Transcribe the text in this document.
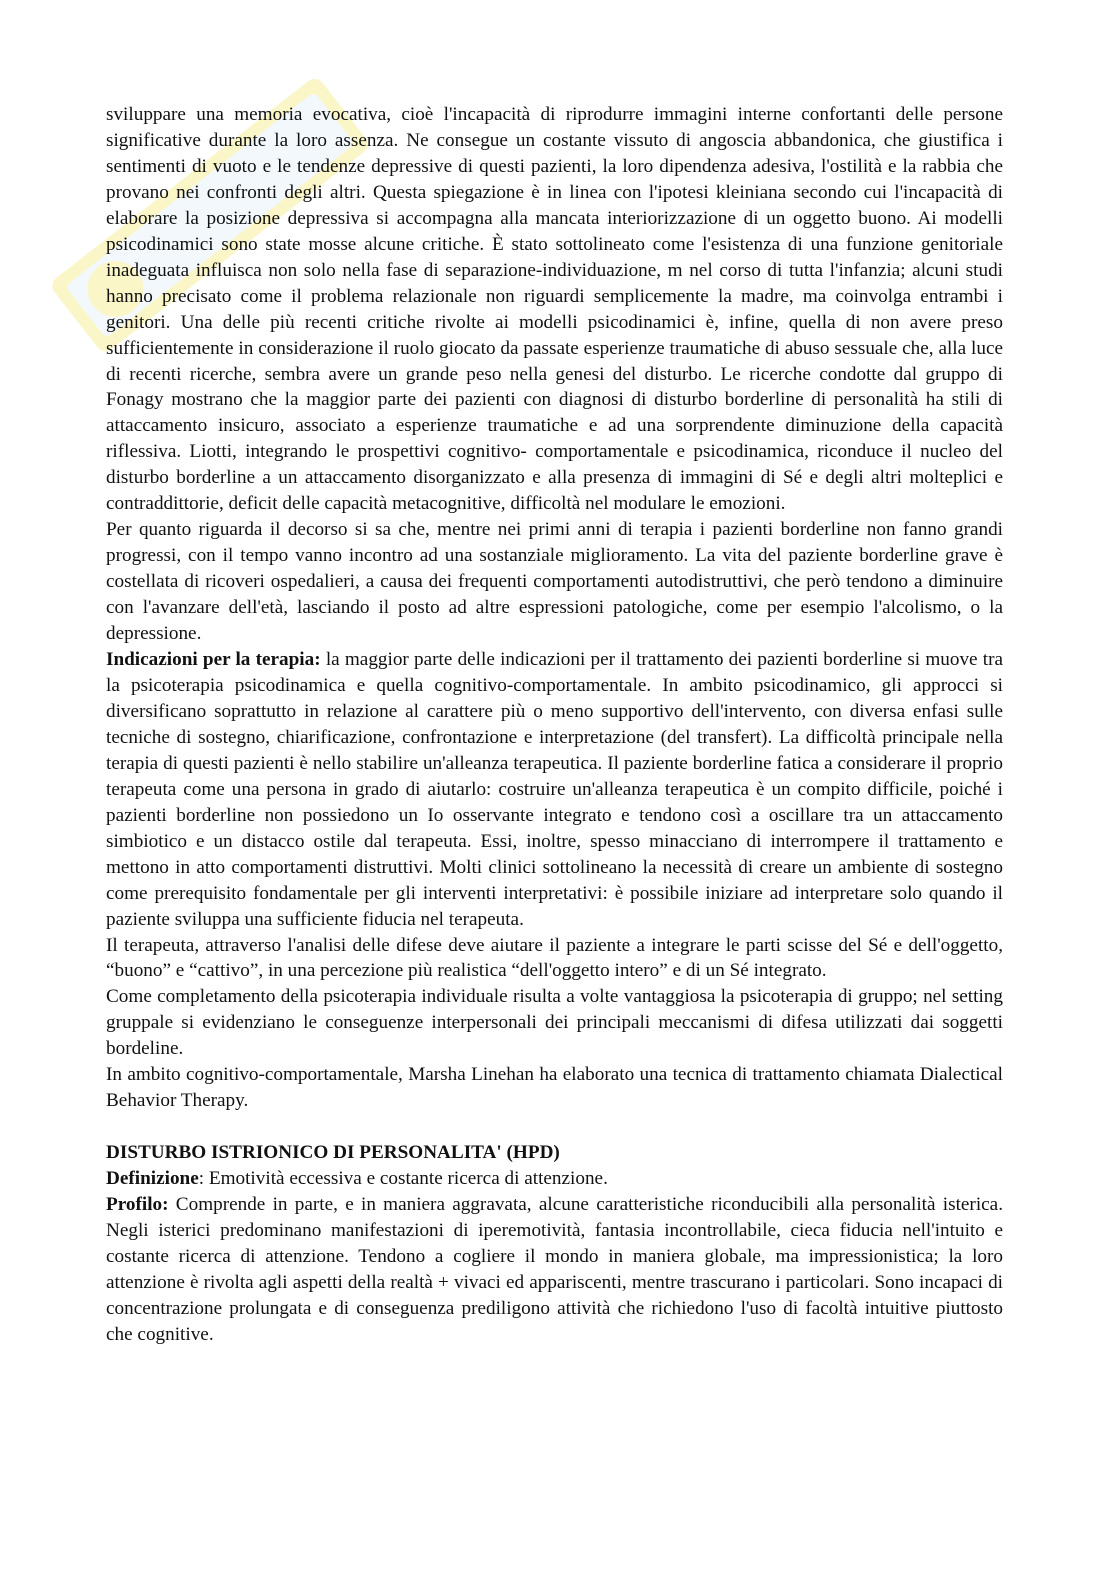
sviluppare una memoria evocativa, cioè l'incapacità di riprodurre immagini interne confortanti delle persone significative durante la loro assenza. Ne consegue un costante vissuto di angoscia abbandonica, che giustifica i sentimenti di vuoto e le tendenze depressive di questi pazienti, la loro dipendenza adesiva, l'ostilità e la rabbia che provano nei confronti degli altri. Questa spiegazione è in linea con l'ipotesi kleiniana secondo cui l'incapacità di elaborare la posizione depressiva si accompagna alla mancata interiorizzazione di un oggetto buono. Ai modelli psicodinamici sono state mosse alcune critiche. È stato sottolineato come l'esistenza di una funzione genitoriale inadeguata influisca non solo nella fase di separazione-individuazione, m nel corso di tutta l'infanzia; alcuni studi hanno precisato come il problema relazionale non riguardi semplicemente la madre, ma coinvolga entrambi i genitori. Una delle più recenti critiche rivolte ai modelli psicodinamici è, infine, quella di non avere preso sufficientemente in considerazione il ruolo giocato da passate esperienze traumatiche di abuso sessuale che, alla luce di recenti ricerche, sembra avere un grande peso nella genesi del disturbo. Le ricerche condotte dal gruppo di Fonagy mostrano che la maggior parte dei pazienti con diagnosi di disturbo borderline di personalità ha stili di attaccamento insicuro, associato a esperienze traumatiche e ad una sorprendente diminuzione della capacità riflessiva. Liotti, integrando le prospettivi cognitivo- comportamentale e psicodinamica, riconduce il nucleo del disturbo borderline a un attaccamento disorganizzato e alla presenza di immagini di Sé e degli altri molteplici e contraddittorie, deficit delle capacità metacognitive, difficoltà nel modulare le emozioni.

Per quanto riguarda il decorso si sa che, mentre nei primi anni di terapia i pazienti borderline non fanno grandi progressi, con il tempo vanno incontro ad una sostanziale miglioramento. La vita del paziente borderline grave è costellata di ricoveri ospedalieri, a causa dei frequenti comportamenti autodistruttivi, che però tendono a diminuire con l'avanzare dell'età, lasciando il posto ad altre espressioni patologiche, come per esempio l'alcolismo, o la depressione.

Indicazioni per la terapia: la maggior parte delle indicazioni per il trattamento dei pazienti borderline si muove tra la psicoterapia psicodinamica e quella cognitivo-comportamentale. In ambito psicodinamico, gli approcci si diversificano soprattutto in relazione al carattere più o meno supportivo dell'intervento, con diversa enfasi sulle tecniche di sostegno, chiarificazione, confrontazione e interpretazione (del transfert). La difficoltà principale nella terapia di questi pazienti è nello stabilire un'alleanza terapeutica. Il paziente borderline fatica a considerare il proprio terapeuta come una persona in grado di aiutarlo: costruire un'alleanza terapeutica è un compito difficile, poiché i pazienti borderline non possiedono un Io osservante integrato e tendono così a oscillare tra un attaccamento simbiotico e un distacco ostile dal terapeuta. Essi, inoltre, spesso minacciano di interrompere il trattamento e mettono in atto comportamenti distruttivi. Molti clinici sottolineano la necessità di creare un ambiente di sostegno come prerequisito fondamentale per gli interventi interpretativi: è possibile iniziare ad interpretare solo quando il paziente sviluppa una sufficiente fiducia nel terapeuta.

Il terapeuta, attraverso l'analisi delle difese deve aiutare il paziente a integrare le parti scisse del Sé e dell'oggetto, “buono” e “cattivo”, in una percezione più realistica “dell'oggetto intero” e di un Sé integrato.

Come completamento della psicoterapia individuale risulta a volte vantaggiosa la psicoterapia di gruppo; nel setting gruppale si evidenziano le conseguenze interpersonali dei principali meccanismi di difesa utilizzati dai soggetti bordeline.

In ambito cognitivo-comportamentale, Marsha Linehan ha elaborato una tecnica di trattamento chiamata Dialectical Behavior Therapy.

DISTURBO ISTRIONICO DI PERSONALITA' (HPD)

Definizione: Emotività eccessiva e costante ricerca di attenzione.

Profilo: Comprende in parte, e in maniera aggravata, alcune caratteristiche riconducibili alla personalità isterica. Negli isterici predominano manifestazioni di iperemotività, fantasia incontrollabile, cieca fiducia nell'intuito e costante ricerca di attenzione. Tendono a cogliere il mondo in maniera globale, ma impressionistica; la loro attenzione è rivolta agli aspetti della realtà + vivaci ed appariscenti, mentre trascurano i particolari. Sono incapaci di concentrazione prolungata e di conseguenza prediligono attività che richiedono l'uso di facoltà intuitive piuttosto che cognitive.
